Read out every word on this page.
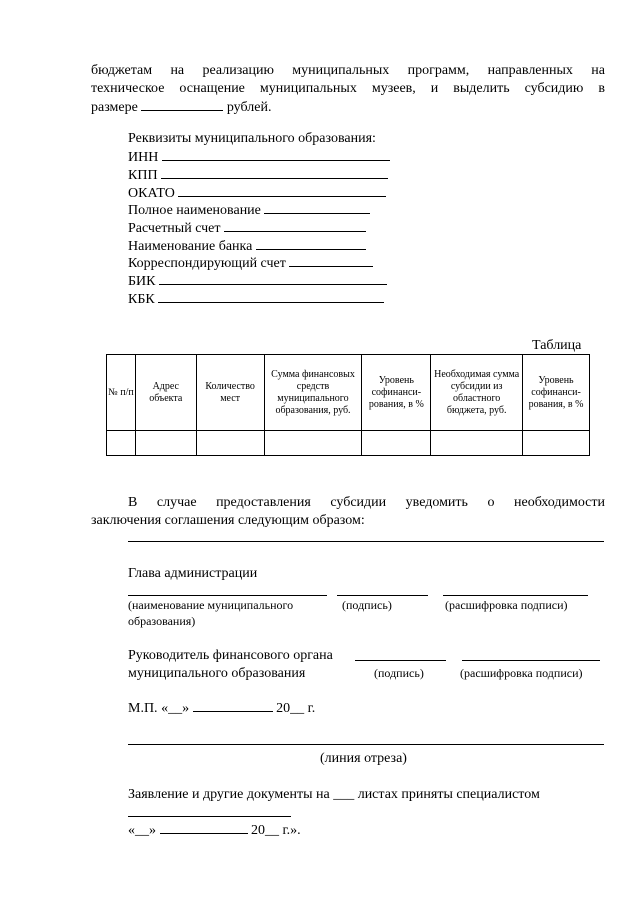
бюджетам на реализацию муниципальных программ, направленных на
техническое оснащение муниципальных музеев, и выделить субсидию в
размере	рублей.
Реквизиты муниципального образования:
ИНН
КПП
ОКАТО
Полное наименование
Расчетный счет
Наименование банка
Корреспондирующий счет
БИК
КБК
Таблица
№ п/п	Адрес объекта	Количество мест	Сумма финансовых средств муниципального образования, руб.	Уровень софинанси-рования, в %	Необходимая сумма субсидии из областного бюджета, руб.	Уровень софинанси-рования, в %

В случае предоставления субсидии уведомить о необходимости
заключения соглашения следующим образом:
Глава администрации
(наименование муниципального
образования)
(подпись)	(расшифровка подписи)
Руководитель финансового органа
муниципального образования	(подпись)	(расшифровка подписи)
М.П. «__»	20__ г.
(линия отреза)
Заявление и другие документы на ___ листах приняты специалистом
«__»	20__ г.».
